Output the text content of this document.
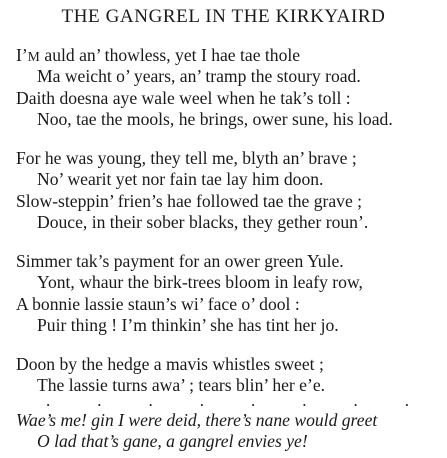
THE GANGREL IN THE KIRKYAIRD
I’M auld an’ thowless, yet I hae tae thole
Ma weicht o’ years, an’ tramp the stoury road.
Daith doesna aye wale weel when he tak’s toll :
Noo, tae the mools, he brings, ower sune, his load.
For he was young, they tell me, blyth an’ brave ;
No’ wearit yet nor fain tae lay him doon.
Slow-steppin’ frien’s hae followed tae the grave ;
Douce, in their sober blacks, they gether roun’.
Simmer tak’s payment for an ower green Yule.
Yont, whaur the birk-trees bloom in leafy row,
A bonnie lassie staun’s wi’ face o’ dool :
Puir thing ! I’m thinkin’ she has tint her jo.
Doon by the hedge a mavis whistles sweet ;
The lassie turns awa’ ; tears blin’ her e’e.
.	.	.	.	.	.	.	.
Wae’s me! gin I were deid, there’s nane would greet
O lad that’s gane, a gangrel envies ye!
